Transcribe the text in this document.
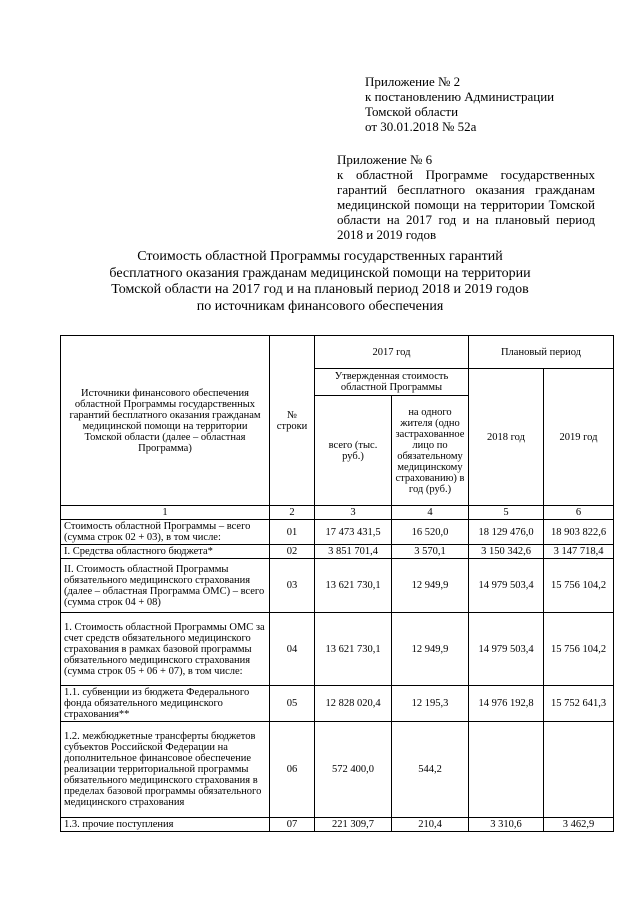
Приложение № 2
к постановлению Администрации
Томской области
от 30.01.2018 № 52а
Приложение № 6
к областной Программе государственных гарантий бесплатного оказания гражданам медицинской помощи на территории Томской области на 2017 год и на плановый период 2018 и 2019 годов
Стоимость областной Программы государственных гарантий
бесплатного оказания гражданам медицинской помощи на территории
Томской области на 2017 год и на плановый период 2018 и 2019 годов
по источникам финансового обеспечения
Источники финансового обеспечения областной Программы государственных гарантий бесплатного оказания гражданам медицинской помощи на территории Томской области (далее – областная Программа)	№ строки	2017 год		Плановый период	
		Утвержденная стоимость областной Программы		2018 год	2019 год
		всего (тыс. руб.)	на одного жителя (одно застрахованное лицо по обязательному медицинскому страхованию) в год (руб.)		

1	2	3	4	5	6
Стоимость областной Программы – всего (сумма строк 02 + 03), в том числе:	01	17 473 431,5	16 520,0	18 129 476,0	18 903 822,6
I. Средства областного бюджета*	02	3 851 701,4	3 570,1	3 150 342,6	3 147 718,4
II. Стоимость областной Программы обязательного медицинского страхования (далее – областная Программа ОМС) – всего (сумма строк 04 + 08)	03	13 621 730,1	12 949,9	14 979 503,4	15 756 104,2
1. Стоимость областной Программы ОМС за счет средств обязательного медицинского страхования в рамках базовой программы обязательного медицинского страхования (сумма строк 05 + 06 + 07), в том числе:	04	13 621 730,1	12 949,9	14 979 503,4	15 756 104,2
1.1. субвенции из бюджета Федерального фонда обязательного медицинского страхования**	05	12 828 020,4	12 195,3	14 976 192,8	15 752 641,3
1.2. межбюджетные трансферты бюджетов субъектов Российской Федерации на дополнительное финансовое обеспечение реализации территориальной программы обязательного медицинского страхования в пределах базовой программы обязательного медицинского страхования	06	572 400,0	544,2		
1.3. прочие поступления	07	221 309,7	210,4	3 310,6	3 462,9
